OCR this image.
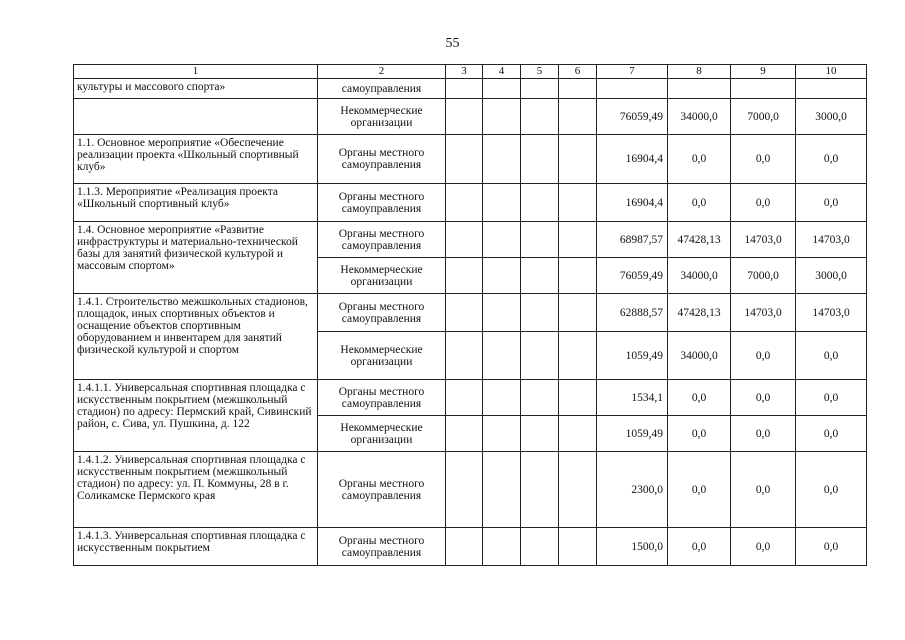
55
1	2	3	4	5	6	7	8	9	10
культуры и массового спорта»	самоуправления								
	Некоммерческие организации					76059,49	34000,0	7000,0	3000,0
1.1. Основное мероприятие «Обеспечение реализации проекта «Школьный спортивный клуб»	Органы местного самоуправления					16904,4	0,0	0,0	0,0
1.1.3. Мероприятие «Реализация проекта «Школьный спортивный клуб»	Органы местного самоуправления					16904,4	0,0	0,0	0,0
1.4. Основное мероприятие «Развитие инфраструктуры и материально-технической базы для занятий физической культурой и массовым спортом»	Органы местного самоуправления					68987,57	47428,13	14703,0	14703,0
	Некоммерческие организации					76059,49	34000,0	7000,0	3000,0
1.4.1. Строительство межшкольных стадионов, площадок, иных спортивных объектов и оснащение объектов спортивным оборудованием и инвентарем для занятий физической культурой и спортом	Органы местного самоуправления					62888,57	47428,13	14703,0	14703,0
	Некоммерческие организации					1059,49	34000,0	0,0	0,0
1.4.1.1. Универсальная спортивная площадка с искусственным покрытием (межшкольный стадион) по адресу: Пермский край, Сивинский район, с. Сива, ул. Пушкина, д. 122	Органы местного самоуправления					1534,1	0,0	0,0	0,0
	Некоммерческие организации					1059,49	0,0	0,0	0,0
1.4.1.2. Универсальная спортивная площадка с искусственным покрытием (межшкольный стадион) по адресу: ул. П. Коммуны, 28 в г. Соликамске Пермского края	Органы местного самоуправления					2300,0	0,0	0,0	0,0
1.4.1.3. Универсальная спортивная площадка с искусственным покрытием	Органы местного самоуправления					1500,0	0,0	0,0	0,0
